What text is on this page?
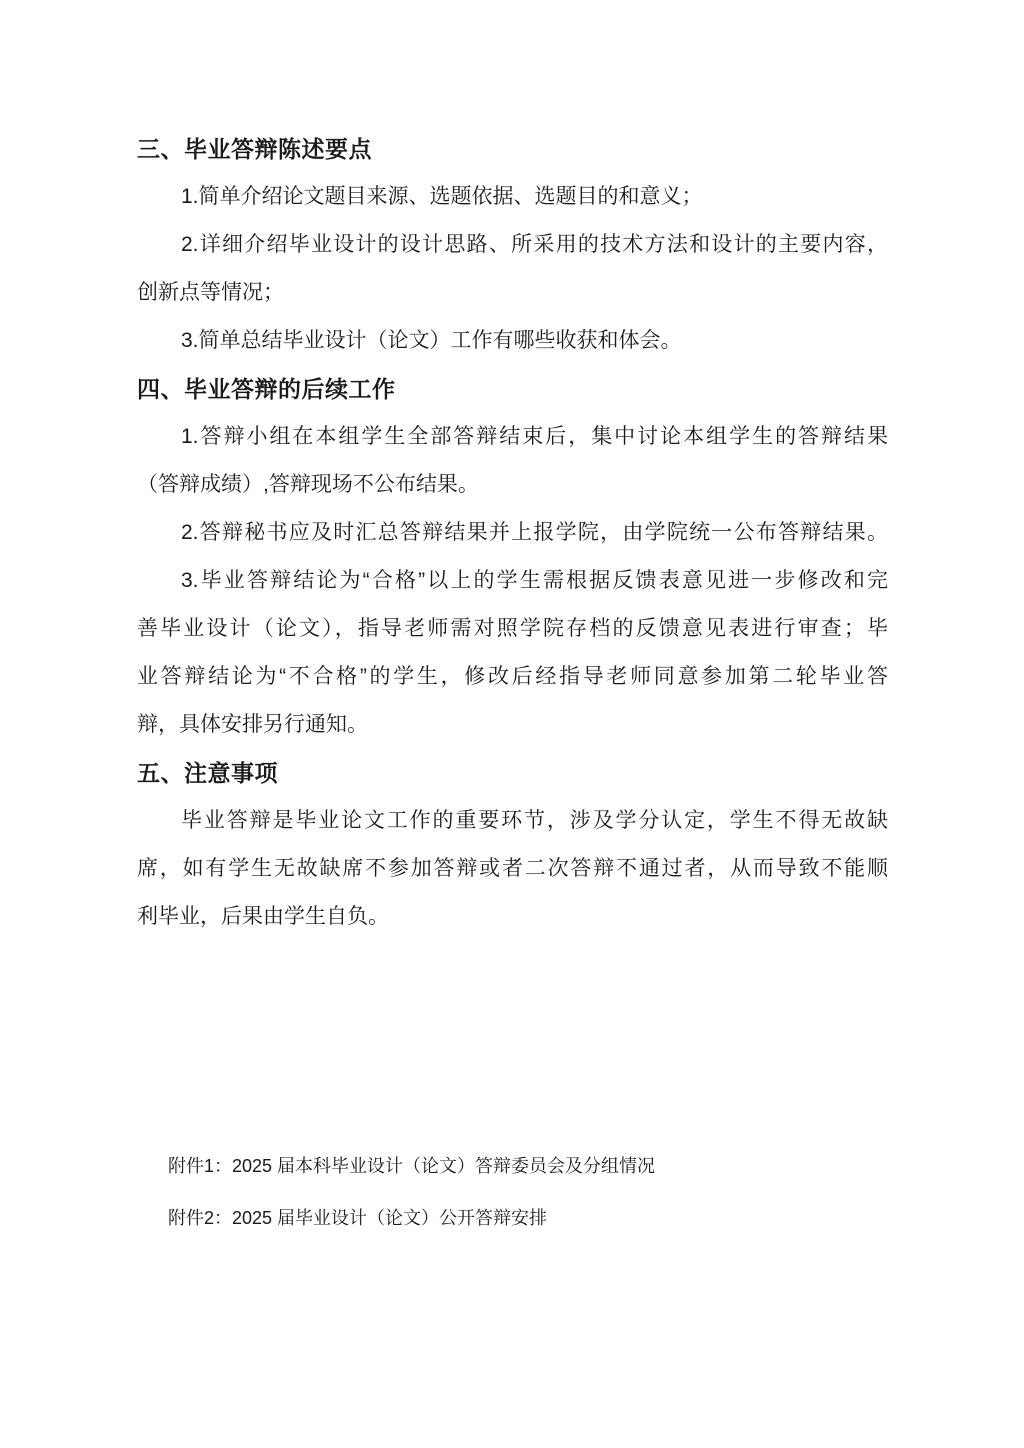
三、毕业答辩陈述要点
1.简单介绍论文题目来源、选题依据、选题目的和意义；
2.详细介绍毕业设计的设计思路、所采用的技术方法和设计的主要内容，
创新点等情况；
3.简单总结毕业设计（论文）工作有哪些收获和体会。
四、毕业答辩的后续工作
1.答辩小组在本组学生全部答辩结束后，集中讨论本组学生的答辩结果
（答辩成绩）,答辩现场不公布结果。
2.答辩秘书应及时汇总答辩结果并上报学院，由学院统一公布答辩结果。
3.毕业答辩结论为“合格”以上的学生需根据反馈表意见进一步修改和完
善毕业设计（论文），指导老师需对照学院存档的反馈意见表进行审查；毕
业答辩结论为“不合格”的学生，修改后经指导老师同意参加第二轮毕业答
辩，具体安排另行通知。
五、注意事项
毕业答辩是毕业论文工作的重要环节，涉及学分认定，学生不得无故缺
席，如有学生无故缺席不参加答辩或者二次答辩不通过者，从而导致不能顺
利毕业，后果由学生自负。
附件1：2025 届本科毕业设计（论文）答辩委员会及分组情况
附件2：2025 届毕业设计（论文）公开答辩安排
